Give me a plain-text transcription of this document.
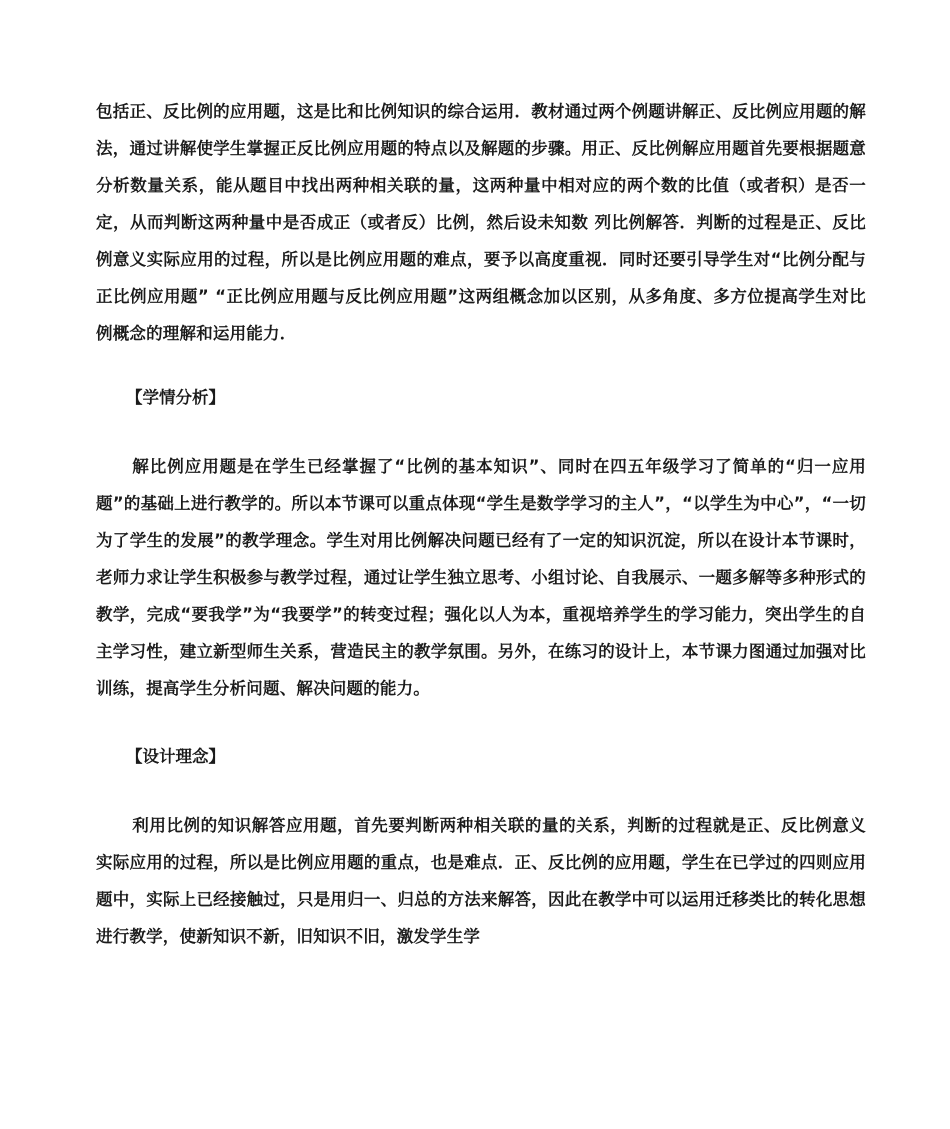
包括正、反比例的应用题，这是比和比例知识的综合运用．教材通过两个例题讲解正、反比例应用题的解法，通过讲解使学生掌握正反比例应用题的特点以及解题的步骤。用正、反比例解应用题首先要根据题意分析数量关系，能从题目中找出两种相关联的量，这两种量中相对应的两个数的比值（或者积）是否一定，从而判断这两种量中是否成正（或者反）比例，然后设未知数 列比例解答．判断的过程是正、反比例意义实际应用的过程，所以是比例应用题的难点，要予以高度重视．同时还要引导学生对“比例分配与正比例应用题” “正比例应用题与反比例应用题”这两组概念加以区别，从多角度、多方位提高学生对比例概念的理解和运用能力．

【学情分析】

解比例应用题是在学生已经掌握了“比例的基本知识”、同时在四五年级学习了简单的“归一应用题”的基础上进行教学的。所以本节课可以重点体现“学生是数学学习的主人”，“以学生为中心”，“一切为了学生的发展”的教学理念。学生对用比例解决问题已经有了一定的知识沉淀，所以在设计本节课时，老师力求让学生积极参与教学过程，通过让学生独立思考、小组讨论、自我展示、一题多解等多种形式的教学，完成“要我学”为“我要学”的转变过程；强化以人为本，重视培养学生的学习能力，突出学生的自主学习性，建立新型师生关系，营造民主的教学氛围。另外，在练习的设计上，本节课力图通过加强对比训练，提高学生分析问题、解决问题的能力。

【设计理念】

利用比例的知识解答应用题，首先要判断两种相关联的量的关系，判断的过程就是正、反比例意义实际应用的过程，所以是比例应用题的重点，也是难点．正、反比例的应用题，学生在已学过的四则应用题中，实际上已经接触过，只是用归一、归总的方法来解答，因此在教学中可以运用迁移类比的转化思想进行教学，使新知识不新，旧知识不旧，激发学生学
